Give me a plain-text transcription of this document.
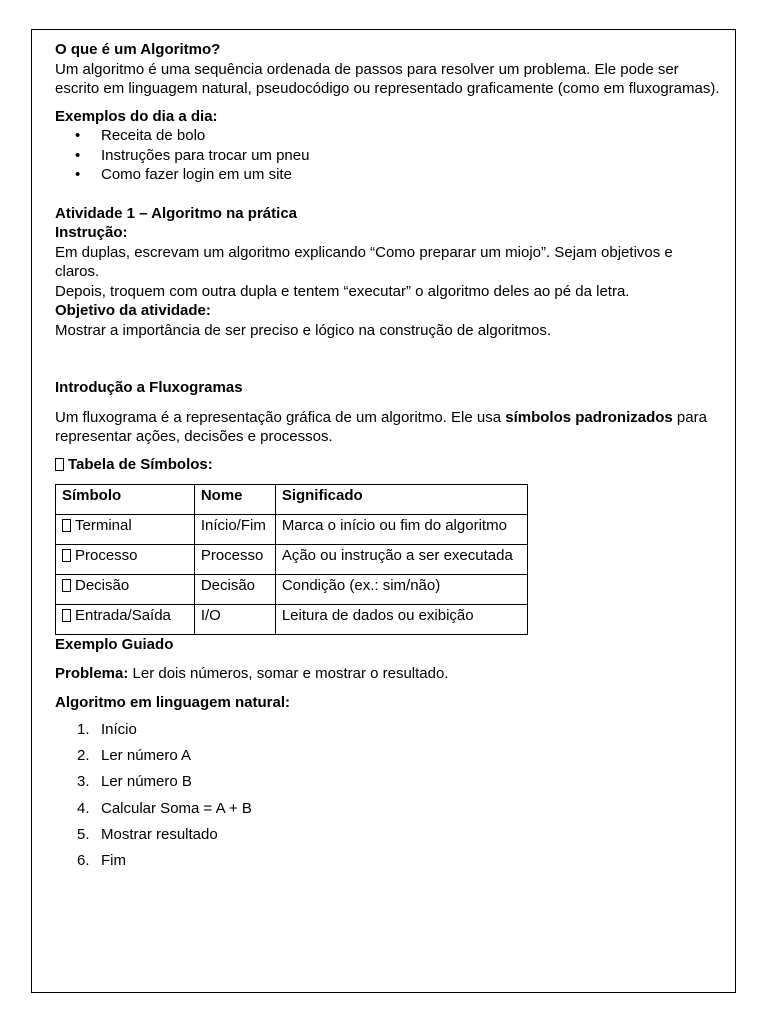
O que é um Algoritmo?

Um algoritmo é uma sequência ordenada de passos para resolver um problema. Ele pode ser escrito em linguagem natural, pseudocódigo ou representado graficamente (como em fluxogramas).

Exemplos do dia a dia:

• Receita de bolo
• Instruções para trocar um pneu
• Como fazer login em um site

Atividade 1 – Algoritmo na prática

Instrução:

Em duplas, escrevam um algoritmo explicando “Como preparar um miojo”. Sejam objetivos e claros.

Depois, troquem com outra dupla e tentem “executar” o algoritmo deles ao pé da letra.

Objetivo da atividade:

Mostrar a importância de ser preciso e lógico na construção de algoritmos.

Introdução a Fluxogramas

Um fluxograma é a representação gráfica de um algoritmo. Ele usa símbolos padronizados para representar ações, decisões e processos.

Tabela de Símbolos:

Símbolo	Nome	Significado
Terminal	Início/Fim	Marca o início ou fim do algoritmo
Processo	Processo	Ação ou instrução a ser executada
Decisão	Decisão	Condição (ex.: sim/não)
Entrada/Saída	I/O	Leitura de dados ou exibição

Exemplo Guiado

Problema: Ler dois números, somar e mostrar o resultado.

Algoritmo em linguagem natural:

1. Início
2. Ler número A
3. Ler número B
4. Calcular Soma = A + B
5. Mostrar resultado
6. Fim
